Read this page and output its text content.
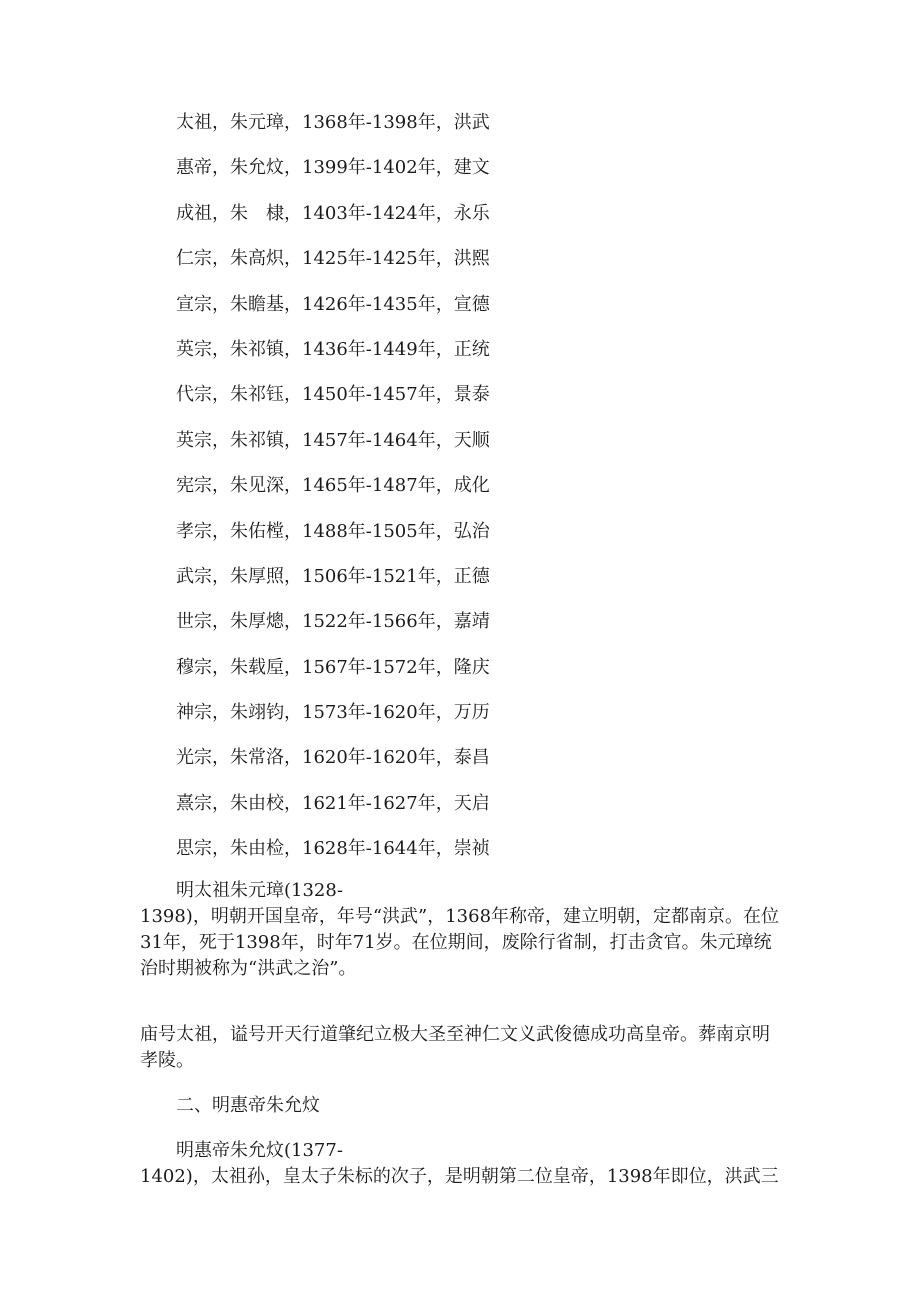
太祖，朱元璋，1368年-1398年，洪武
惠帝，朱允炆，1399年-1402年，建文
成祖，朱　棣，1403年-1424年，永乐
仁宗，朱高炽，1425年-1425年，洪熙
宣宗，朱瞻基，1426年-1435年，宣德
英宗，朱祁镇，1436年-1449年，正统
代宗，朱祁钰，1450年-1457年，景泰
英宗，朱祁镇，1457年-1464年，天顺
宪宗，朱见深，1465年-1487年，成化
孝宗，朱佑樘，1488年-1505年，弘治
武宗，朱厚照，1506年-1521年，正德
世宗，朱厚熜，1522年-1566年，嘉靖
穆宗，朱载垕，1567年-1572年，隆庆
神宗，朱翊钧，1573年-1620年，万历
光宗，朱常洛，1620年-1620年，泰昌
熹宗，朱由校，1621年-1627年，天启
思宗，朱由检，1628年-1644年，崇祯

明太祖朱元璋(1328-
1398)，明朝开国皇帝，年号“洪武”，1368年称帝，建立明朝，定都南京。在位31年，死于1398年，时年71岁。在位期间，废除行省制，打击贪官。朱元璋统治时期被称为“洪武之治”。

庙号太祖，谥号开天行道肇纪立极大圣至神仁文义武俊德成功高皇帝。葬南京明孝陵。

二、明惠帝朱允炆

明惠帝朱允炆(1377-
1402)，太祖孙，皇太子朱标的次子，是明朝第二位皇帝，1398年即位，洪武三
